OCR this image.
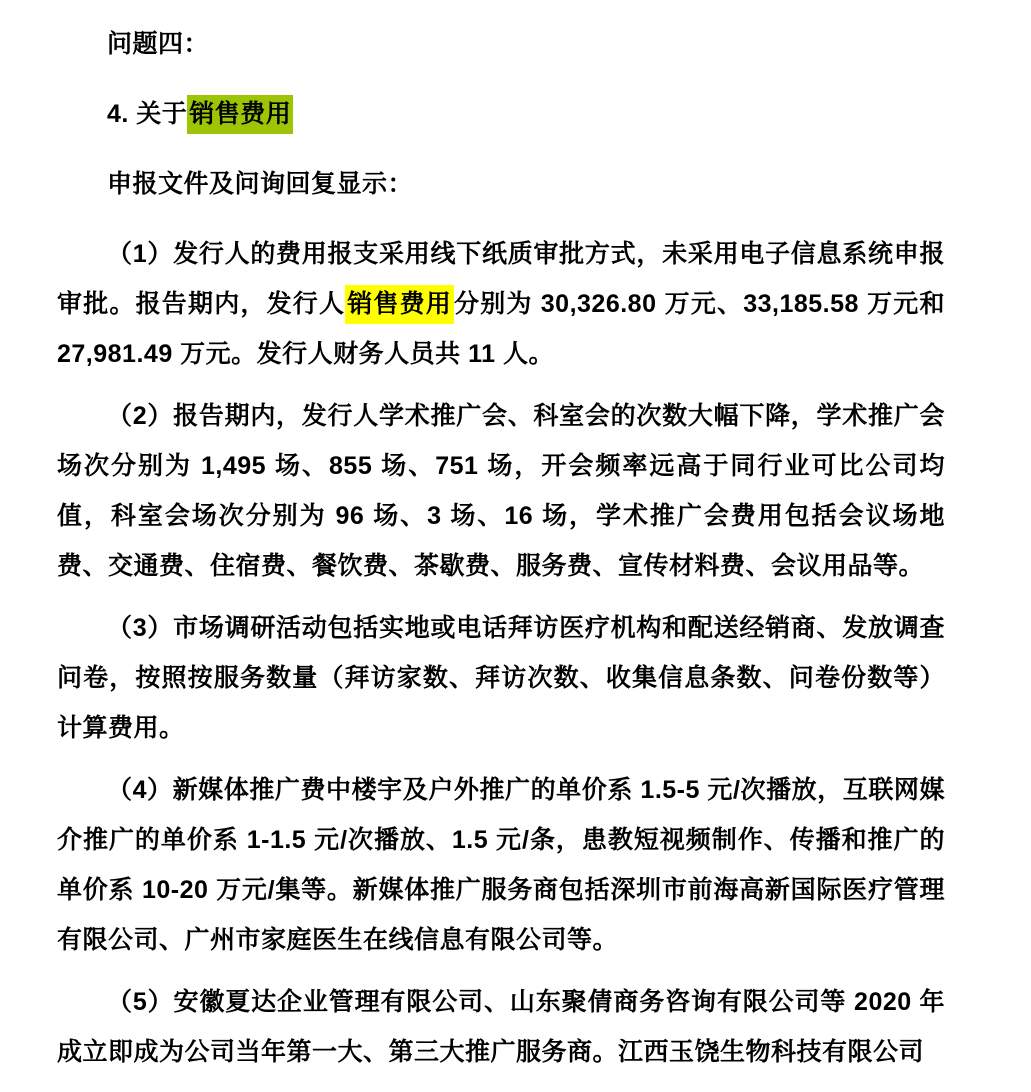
问题四：

4. 关于销售费用

申报文件及问询回复显示：

（1）发行人的费用报支采用线下纸质审批方式，未采用电子信息系统申报审批。报告期内，发行人销售费用分别为 30,326.80 万元、33,185.58 万元和 27,981.49 万元。发行人财务人员共 11 人。

（2）报告期内，发行人学术推广会、科室会的次数大幅下降，学术推广会场次分别为 1,495 场、855 场、751 场，开会频率远高于同行业可比公司均值，科室会场次分别为 96 场、3 场、16 场，学术推广会费用包括会议场地费、交通费、住宿费、餐饮费、茶歇费、服务费、宣传材料费、会议用品等。

（3）市场调研活动包括实地或电话拜访医疗机构和配送经销商、发放调查问卷，按照按服务数量（拜访家数、拜访次数、收集信息条数、问卷份数等）计算费用。

（4）新媒体推广费中楼宇及户外推广的单价系 1.5-5 元/次播放，互联网媒介推广的单价系 1-1.5 元/次播放、1.5 元/条，患教短视频制作、传播和推广的单价系 10-20 万元/集等。新媒体推广服务商包括深圳市前海高新国际医疗管理有限公司、广州市家庭医生在线信息有限公司等。

（5）安徽夏达企业管理有限公司、山东聚倩商务咨询有限公司等 2020 年成立即成为公司当年第一大、第三大推广服务商。江西玉饶生物科技有限公司
